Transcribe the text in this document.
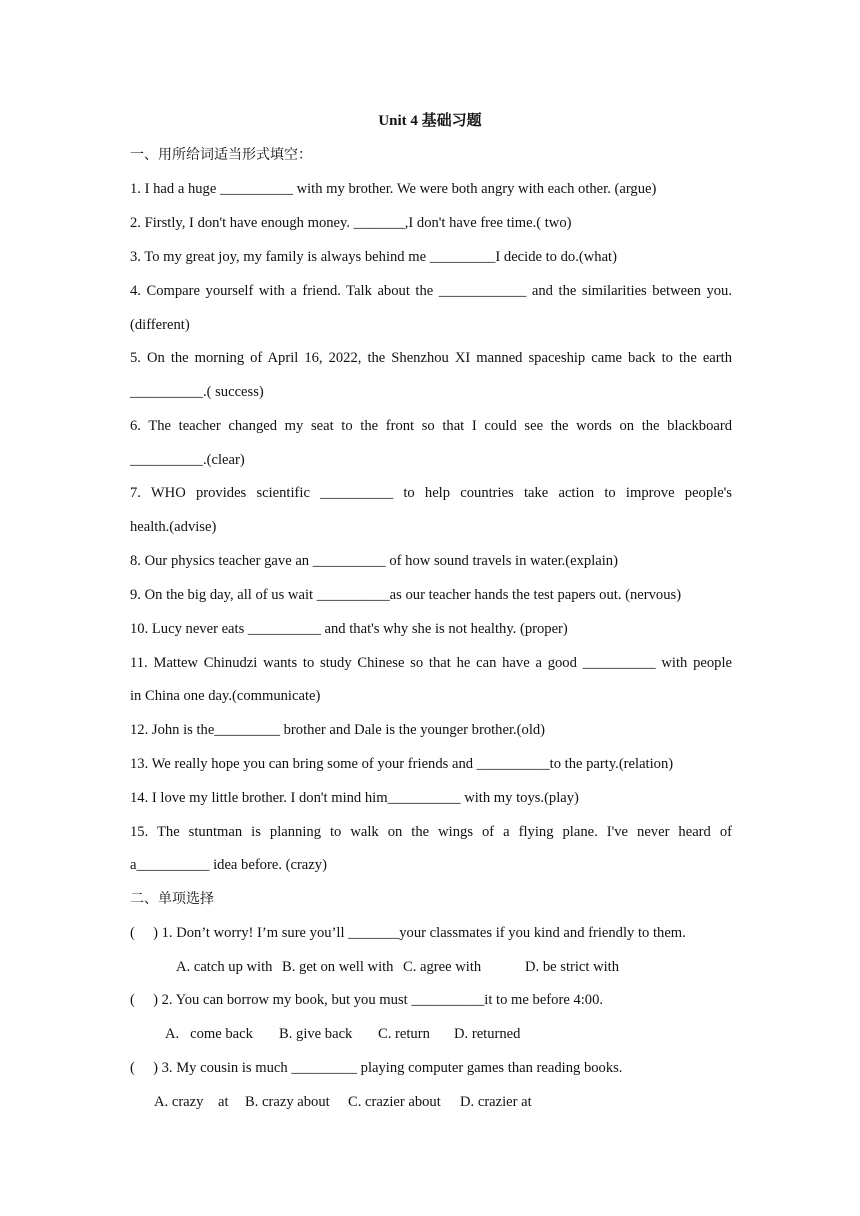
Unit 4 基础习题
一、用所给词适当形式填空：
1. I had a huge __________ with my brother. We were both angry with each other. (argue)
2. Firstly, I don't have enough money. _______,I don't have free time.( two)
3. To my great joy, my family is always behind me _________I decide to do.(what)
4. Compare yourself with a friend. Talk about the ____________ and the similarities between you.
(different)
5. On the morning of April 16, 2022, the Shenzhou XI manned spaceship came back to the earth
__________.( success)
6. The teacher changed my seat to the front so that I could see the words on the blackboard
__________.(clear)
7. WHO provides scientific __________ to help countries take action to improve people's
health.(advise)
8. Our physics teacher gave an __________ of how sound travels in water.(explain)
9. On the big day, all of us wait __________as our teacher hands the test papers out. (nervous)
10. Lucy never eats __________ and that's why she is not healthy. (proper)
11. Mattew Chinudzi wants to study Chinese so that he can have a good __________ with people
in China one day.(communicate)
12. John is the_________ brother and Dale is the younger brother.(old)
13. We really hope you can bring some of your friends and __________to the party.(relation)
14. I love my little brother. I don't mind him__________ with my toys.(play)
15. The stuntman is planning to walk on the wings of a flying plane. I've never heard of
a__________ idea before. (crazy)
二、单项选择
(     ) 1. Don’t worry! I’m sure you’ll _______your classmates if you kind and friendly to them.
A. catch up with B. get on well with C. agree with	D. be strict with
(     ) 2. You can borrow my book, but you must __________it to me before 4:00.
A.   come back B. give back C. return D. returned
(     ) 3. My cousin is much _________ playing computer games than reading books.
A. crazy    at B. crazy about C. crazier about D. crazier at
